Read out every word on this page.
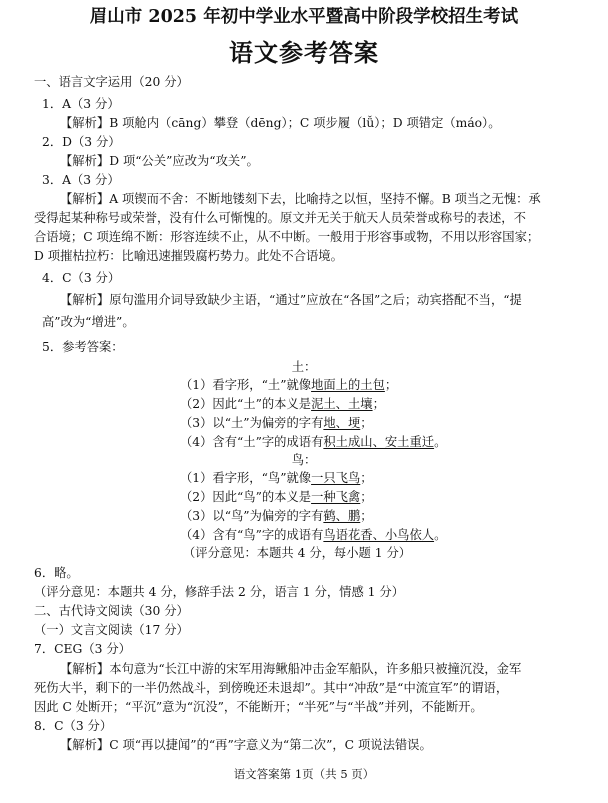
眉山市 2025 年初中学业水平暨高中阶段学校招生考试
语文参考答案
一、语言文字运用（20 分）
1．A（3 分）
【解析】B 项舱内（cāng）攀登（dēng）；C 项步履（lǚ）；D 项错定（máo）。
2．D（3 分）
【解析】D 项“公关”应改为“攻关”。
3．A（3 分）
【解析】A 项锲而不舍：不断地镂刻下去，比喻持之以恒，坚持不懈。B 项当之无愧：承
受得起某种称号或荣誉，没有什么可惭愧的。原文并无关于航天人员荣誉或称号的表述，不
合语境；C 项连绵不断：形容连续不止，从不中断。一般用于形容事或物，不用以形容国家；
D 项摧枯拉朽：比喻迅速摧毁腐朽势力。此处不合语境。
4．C（3 分）
【解析】原句滥用介词导致缺少主语，“通过”应放在“各国”之后；动宾搭配不当，“提
高”改为“增进”。
5．参考答案：
土：
（1）看字形，“土”就像地面上的土包；
（2）因此“土”的本义是泥土、土壤；
（3）以“土”为偏旁的字有地、埂；
（4）含有“土”字的成语有积土成山、安土重迁。
鸟：
（1）看字形，“鸟”就像一只飞鸟；
（2）因此“鸟”的本义是一种飞禽；
（3）以“鸟”为偏旁的字有鹤、鹏；
（4）含有“鸟”字的成语有鸟语花香、小鸟依人。
（评分意见：本题共 4 分，每小题 1 分）
6．略。
（评分意见：本题共 4 分，修辞手法 2 分，语言 1 分，情感 1 分）
二、古代诗文阅读（30 分）
（一）文言文阅读（17 分）
7．CEG（3 分）
【解析】本句意为“长江中游的宋军用海鳅船冲击金军船队，许多船只被撞沉没，金军
死伤大半，剩下的一半仍然战斗，到傍晚还未退却”。其中“冲敌”是“中流宣军”的谓语，
因此 C 处断开；“平沉”意为“沉没”，不能断开；“半死”与“半战”并列，不能断开。
8．C（3 分）
【解析】C 项“再以捷闻”的“再”字意义为“第二次”，C 项说法错误。
语文答案第 1页（共 5 页）
